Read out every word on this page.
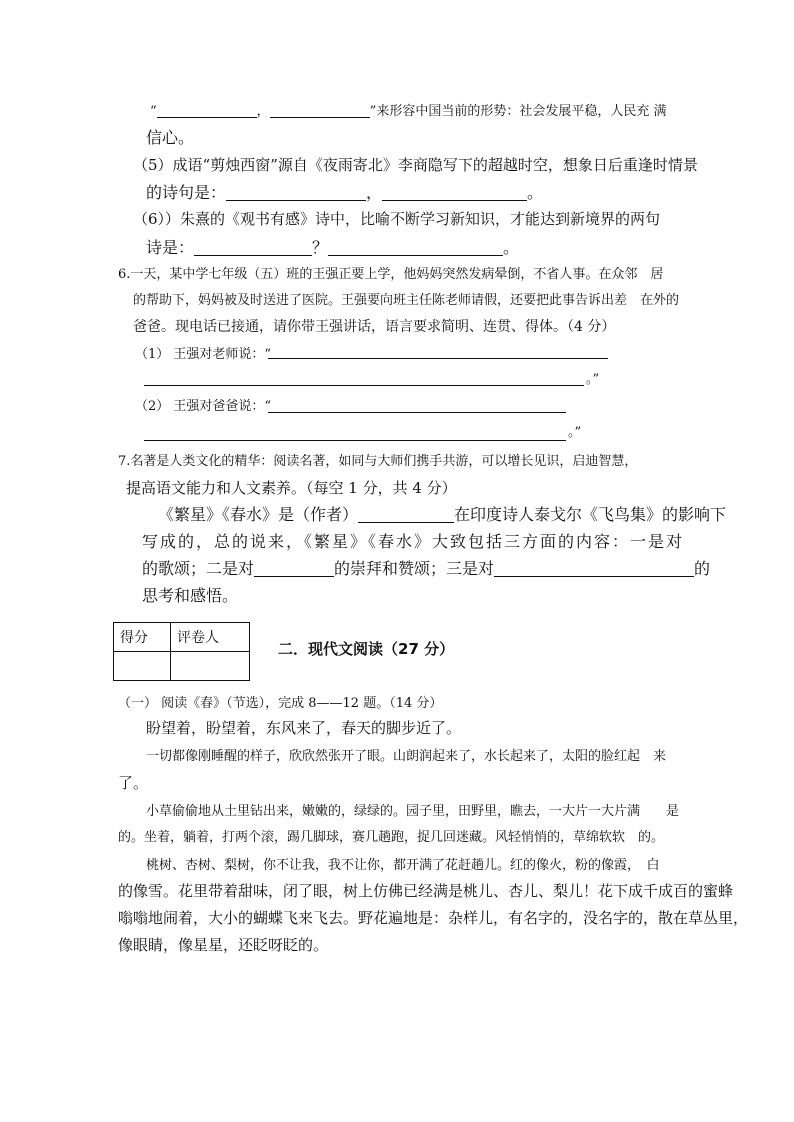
“	，	”来形容中国当前的形势：社会发展平稳，人民充 满
信心。
（5）成语“剪烛西窗”源自《夜雨寄北》李商隐写下的超越时空，想象日后重逢时情景
的诗句是：	，	。
（6））朱熹的《观书有感》诗中，比喻不断学习新知识，才能达到新境界的两句
诗是：	？	。
6.一天，某中学七年级（五）班的王强正要上学，他妈妈突然发病晕倒，不省人事。在众邻　居
的帮助下，妈妈被及时送进了医院。王强要向班主任陈老师请假，还要把此事告诉出差　在外的
爸爸。现电话已接通，请你带王强讲话，语言要求简明、连贯、得体。（4 分）
（1） 王强对老师说：“
。”
（2） 王强对爸爸说：“
。”
7.名著是人类文化的精华：阅读名著，如同与大师们携手共游，可以增长见识，启迪智慧，
提高语文能力和人文素养。（每空 1 分，共 4 分）
《繁星》《春水》是（作者）	在印度诗人泰戈尔《飞鸟集》的影响下
写成的，总的说来，《繁星》《春水》大致包括三方面的内容：一是对
的歌颂；二是对	的崇拜和赞颂；三是对	的
思考和感悟。
得分	评卷人

二．现代文阅读（27 分）
（一） 阅读《春》（节选），完成 8——12 题。（14 分）
盼望着，盼望着，东风来了，春天的脚步近了。
一切都像刚睡醒的样子，欣欣然张开了眼。山朗润起来了，水长起来了，太阳的脸红起　来
了。
小草偷偷地从土里钻出来，嫩嫩的，绿绿的。园子里，田野里，瞧去，一大片一大片满　　是
的。坐着，躺着，打两个滚，踢几脚球，赛几趟跑，捉几回迷藏。风轻悄悄的，草绵软软　的。
桃树、杏树、梨树，你不让我，我不让你，都开满了花赶趟儿。红的像火，粉的像霞，　白
的像雪。花里带着甜味，闭了眼，树上仿佛已经满是桃儿、杏儿、梨儿！花下成千成百的蜜蜂
嗡嗡地闹着，大小的蝴蝶飞来飞去。野花遍地是：杂样儿，有名字的，没名字的，散在草丛里，
像眼睛，像星星，还眨呀眨的。
